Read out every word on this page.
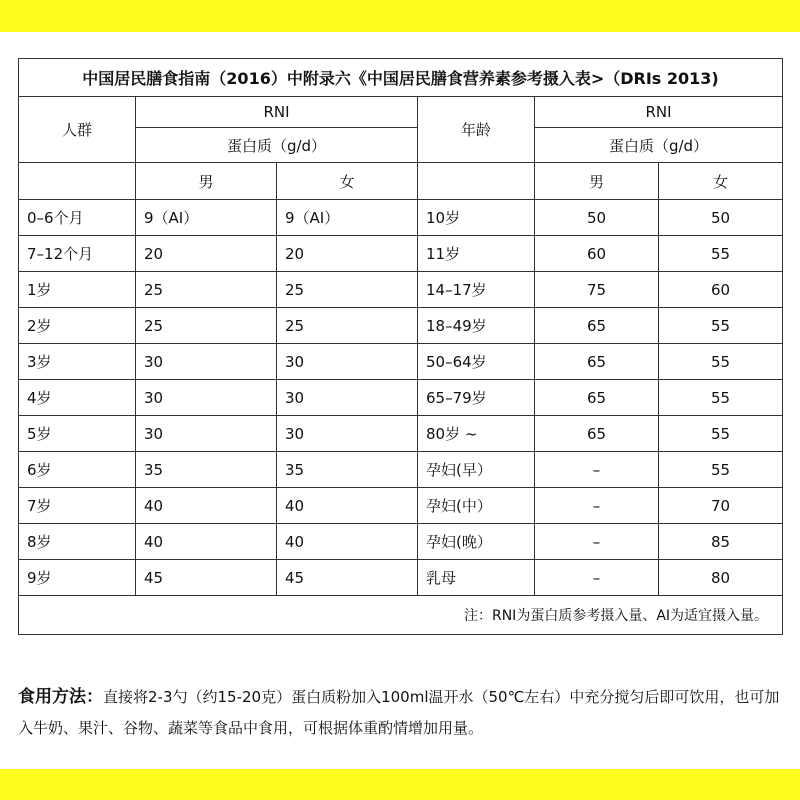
中国居民膳食指南（2016）中附录六《中国居民膳食营养素参考摄入表>（DRIs 2013)					
人群	RNI		年龄	RNI	
	蛋白质（g/d）			蛋白质（g/d）	
	男	女		男	女
0–6个月	9（AI）	9（AI）	10岁	50	50
7–12个月	20	20	11岁	60	55
1岁	25	25	14–17岁	75	60
2岁	25	25	18–49岁	65	55
3岁	30	30	50–64岁	65	55
4岁	30	30	65–79岁	65	55
5岁	30	30	80岁 ~	65	55
6岁	35	35	孕妇(早）	–	55
7岁	40	40	孕妇(中）	–	70
8岁	40	40	孕妇(晚）	–	85
9岁	45	45	乳母	–	80
注：RNI为蛋白质参考摄入量、AI为适宜摄入量。					
食用方法：直接将2-3勺（约15-20克）蛋白质粉加入100ml温开水（50℃左右）中充分搅匀后即可饮用，也可加入牛奶、果汁、谷物、蔬菜等食品中食用，可根据体重酌情增加用量。
